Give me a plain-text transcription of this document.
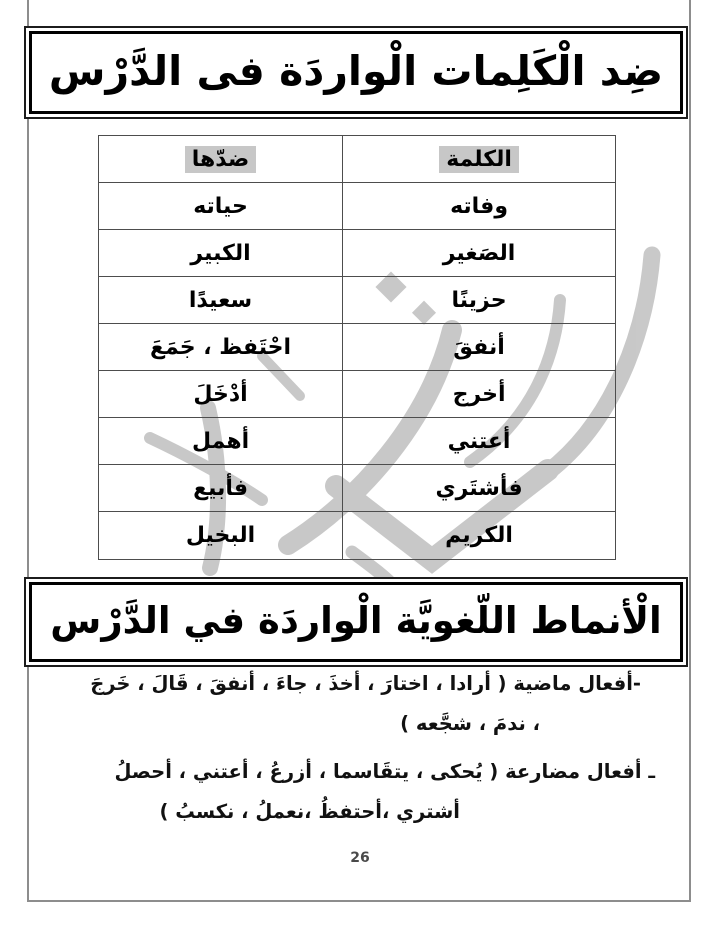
ضِد الْكَلِمات الْواردَة فى الدَّرْس
الكلمة
ضدّها
وفاته
حياته
الصَغير
الكبير
حزينًا
سعيدًا
أنفقَ
احْتَفظ ، جَمَعَ
أخرج
أدْخَلَ
أعتني
أهمل
فأشتَري
فأبيع
الكريم
البخيل
الْأنماط اللّغويَّة الْواردَة في الدَّرْس
-أفعال ماضية ( أرادا ، اختارَ ، أخذَ ، جاءَ ، أنفقَ ، قَالَ ، خَرجَ
، ندمَ ، شجَّعه )
ـ أفعال مضارعة ( يُحكى ، يتقَاسما ، أزرعُ ، أعتني ، أحصلُ
أشتري ،أحتفظُ ،نعملُ ، نكسبُ )
26
